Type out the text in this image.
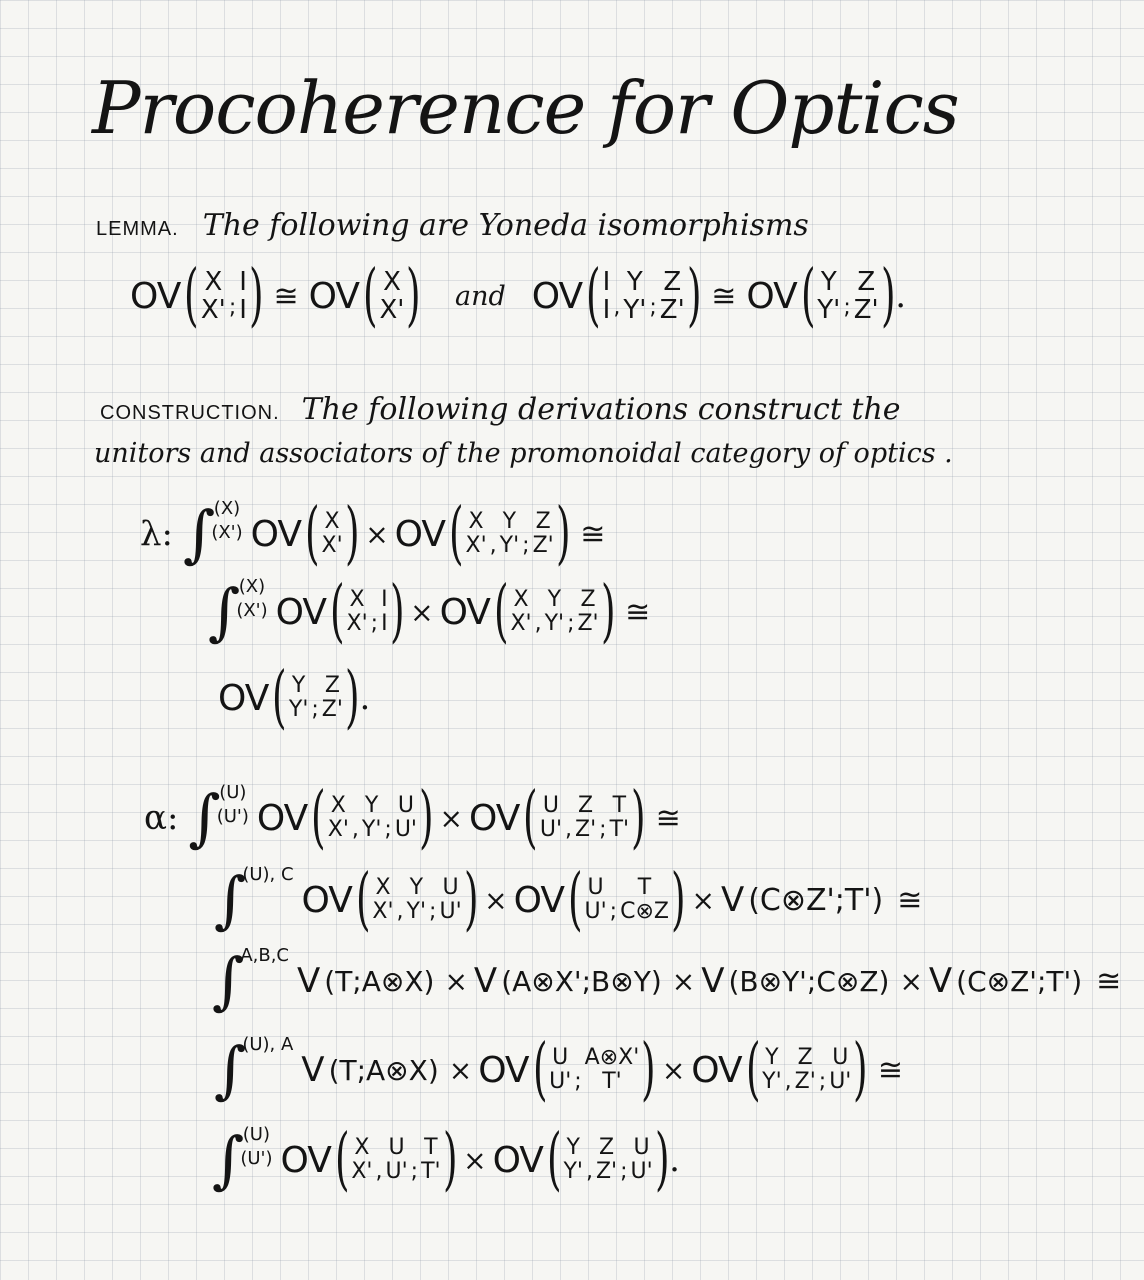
Procoherence for Optics
LEMMA. The following are Yoneda isomorphisms
OV ( X
X' ;
I
I ) ≅ OV ( X
X' ) and OV ( I
I ,
Y
Y' ;
Z
Z' ) ≅ OV ( Y
Y' ;
Z
Z' ) .
CONSTRUCTION. The following derivations construct the
unitors and associators of the promonoidal category of optics .
λ: ∫
(X)
(X') OV ( X
X' ) × OV ( X
X' ,
Y
Y' ;
Z
Z' ) ≅
∫
(X)
(X') OV ( X
X' ;
I
I ) × OV ( X
X' ,
Y
Y' ;
Z
Z' ) ≅
OV ( Y
Y' ;
Z
Z' ) .
α: ∫
(U)
(U') OV ( X
X' ,
Y
Y' ;
U
U' ) × OV ( U
U' ,
Z
Z' ;
T
T' ) ≅
∫
(U), C
OV ( X
X' ,
Y
Y' ;
U
U' ) × OV ( U
U' ;
T
C⊗Z ) × V (C⊗Z';T') ≅
∫
A,B,C
V (T;A⊗X) × V (A⊗X';B⊗Y) × V (B⊗Y';C⊗Z) × V (C⊗Z';T') ≅
∫
(U), A
V (T;A⊗X) × OV ( U
U' ;
A⊗X'
T' ) × OV ( Y
Y' ,
Z
Z' ;
U
U' ) ≅
∫
(U)
(U') OV ( X
X' ,
U
U' ;
T
T' ) × OV ( Y
Y' ,
Z
Z' ;
U
U' ) .
